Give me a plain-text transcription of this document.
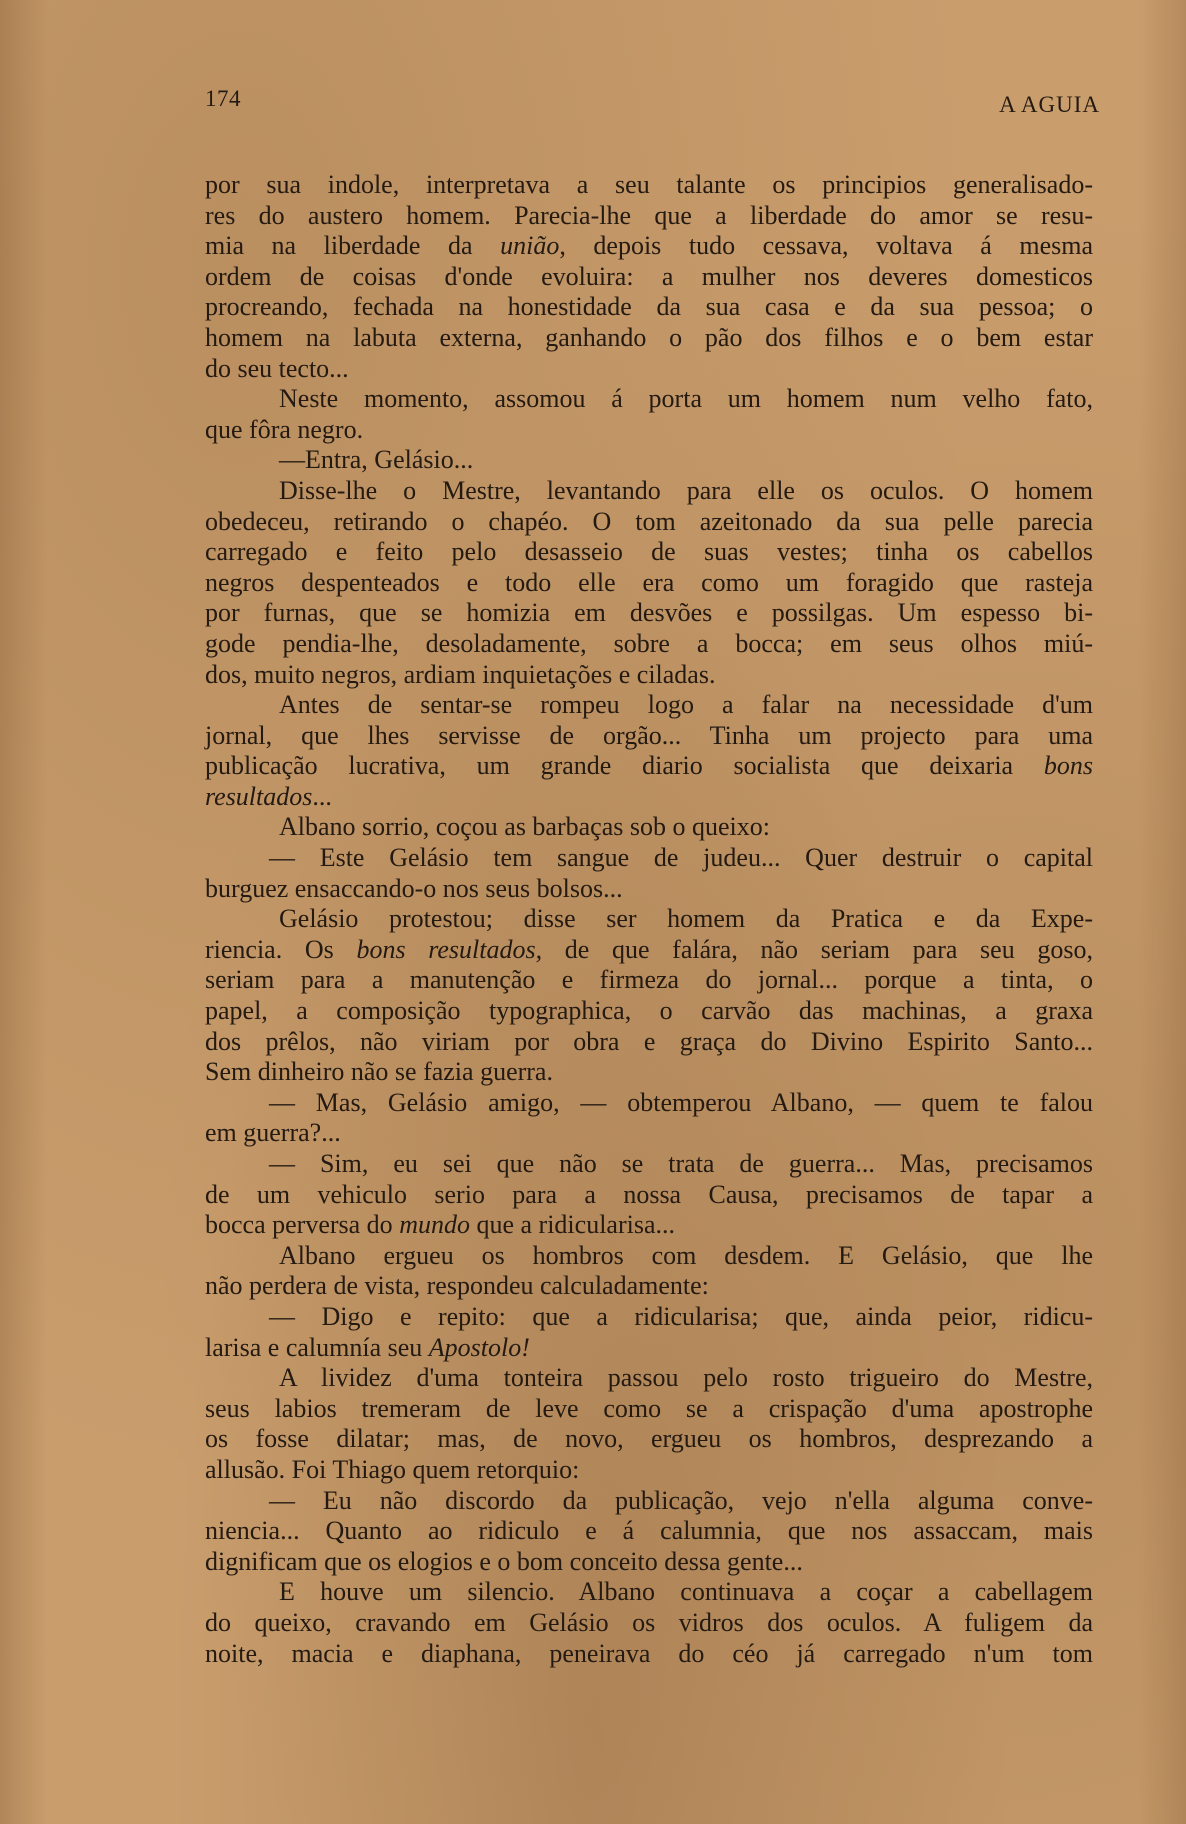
174	A AGUIA
por sua indole, interpretava a seu talante os principios generalisado-
res do austero homem. Parecia-lhe que a liberdade do amor se resu-
mia na liberdade da união, depois tudo cessava, voltava á mesma
ordem de coisas d'onde evoluira: a mulher nos deveres domesticos
procreando, fechada na honestidade da sua casa e da sua pessoa; o
homem na labuta externa, ganhando o pão dos filhos e o bem estar
do seu tecto...
Neste momento, assomou á porta um homem num velho fato,
que fôra negro.
—Entra, Gelásio...
Disse-lhe o Mestre, levantando para elle os oculos. O homem
obedeceu, retirando o chapéo. O tom azeitonado da sua pelle parecia
carregado e feito pelo desasseio de suas vestes; tinha os cabellos
negros despenteados e todo elle era como um foragido que rasteja
por furnas, que se homizia em desvões e possilgas. Um espesso bi-
gode pendia-lhe, desoladamente, sobre a bocca; em seus olhos miú-
dos, muito negros, ardiam inquietações e ciladas.
Antes de sentar-se rompeu logo a falar na necessidade d'um
jornal, que lhes servisse de orgão... Tinha um projecto para uma
publicação lucrativa, um grande diario socialista que deixaria bons
resultados...
Albano sorrio, coçou as barbaças sob o queixo:
— Este Gelásio tem sangue de judeu... Quer destruir o capital
burguez ensaccando-o nos seus bolsos...
Gelásio protestou; disse ser homem da Pratica e da Expe-
riencia. Os bons resultados, de que falára, não seriam para seu goso,
seriam para a manutenção e firmeza do jornal... porque a tinta, o
papel, a composição typographica, o carvão das machinas, a graxa
dos prêlos, não viriam por obra e graça do Divino Espirito Santo...
Sem dinheiro não se fazia guerra.
— Mas, Gelásio amigo, — obtemperou Albano, — quem te falou
em guerra?...
— Sim, eu sei que não se trata de guerra... Mas, precisamos
de um vehiculo serio para a nossa Causa, precisamos de tapar a
bocca perversa do mundo que a ridicularisa...
Albano ergueu os hombros com desdem. E Gelásio, que lhe
não perdera de vista, respondeu calculadamente:
— Digo e repito: que a ridicularisa; que, ainda peior, ridicu-
larisa e calumnía seu Apostolo!
A lividez d'uma tonteira passou pelo rosto trigueiro do Mestre,
seus labios tremeram de leve como se a crispação d'uma apostrophe
os fosse dilatar; mas, de novo, ergueu os hombros, desprezando a
allusão. Foi Thiago quem retorquio:
— Eu não discordo da publicação, vejo n'ella alguma conve-
niencia... Quanto ao ridiculo e á calumnia, que nos assaccam, mais
dignificam que os elogios e o bom conceito dessa gente...
E houve um silencio. Albano continuava a coçar a cabellagem
do queixo, cravando em Gelásio os vidros dos oculos. A fuligem da
noite, macia e diaphana, peneirava do céo já carregado n'um tom
